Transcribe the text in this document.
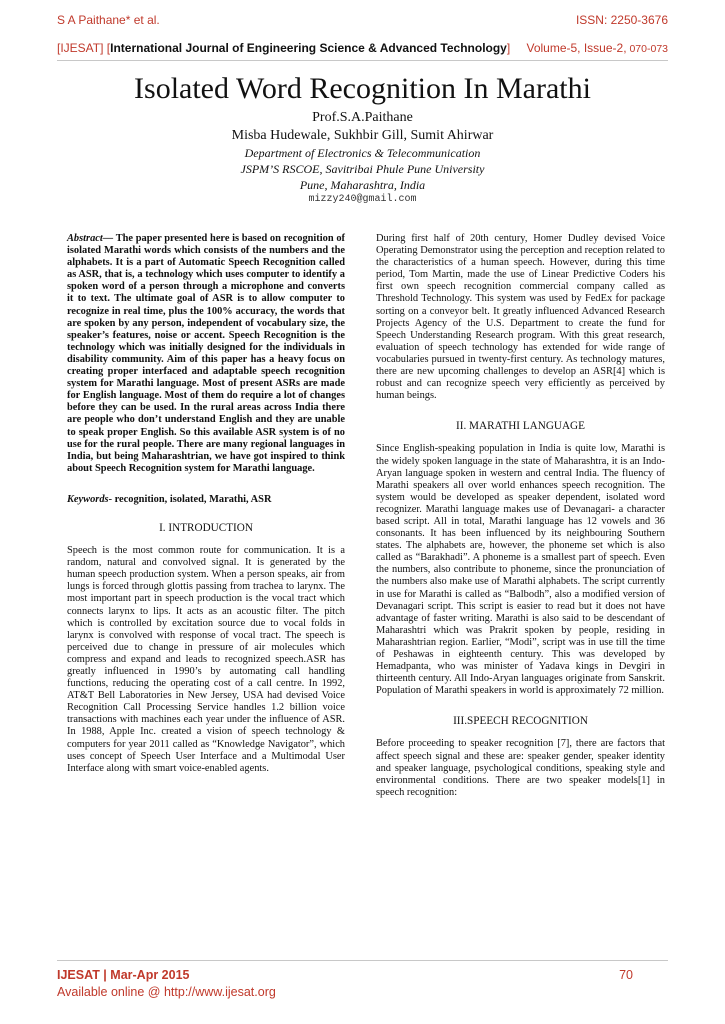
S A Paithane* et al.	ISSN: 2250-3676
[IJESAT] [International Journal of Engineering Science & Advanced Technology] Volume-5, Issue-2, 070-073
Isolated Word Recognition In Marathi
Prof.S.A.Paithane
Misba Hudewale, Sukhbir Gill, Sumit Ahirwar
Department of Electronics & Telecommunication
JSPM’S RSCOE, Savitribai Phule Pune University
Pune, Maharashtra, India
mizzy240@gmail.com

Abstract— The paper presented here is based on recognition of isolated Marathi words which consists of the numbers and the alphabets. It is a part of Automatic Speech Recognition called as ASR, that is, a technology which uses computer to identify a spoken word of a person through a microphone and converts it to text. The ultimate goal of ASR is to allow computer to recognize in real time, plus the 100% accuracy, the words that are spoken by any person, independent of vocabulary size, the speaker’s features, noise or accent. Speech Recognition is the technology which was initially designed for the individuals in disability community. Aim of this paper has a heavy focus on creating proper interfaced and adaptable speech recognition system for Marathi language. Most of present ASRs are made for English language. Most of them do require a lot of changes before they can be used. In the rural areas across India there are people who don’t understand English and they are unable to speak proper English. So this available ASR system is of no use for the rural people. There are many regional languages in India, but being Maharashtrian, we have got inspired to think about Speech Recognition system for Marathi language.

Keywords- recognition, isolated, Marathi, ASR

I. INTRODUCTION

Speech is the most common route for communication. It is a random, natural and convolved signal. It is generated by the human speech production system. When a person speaks, air from lungs is forced through glottis passing from trachea to larynx. The most important part in speech production is the vocal tract which connects larynx to lips. It acts as an acoustic filter. The pitch which is controlled by excitation source due to vocal folds in larynx is convolved with response of vocal tract. The speech is perceived due to change in pressure of air molecules which compress and expand and leads to recognized speech.ASR has greatly influenced in 1990’s by automating call handling functions, reducing the operating cost of a call centre. In 1992, AT&T Bell Laboratories in New Jersey, USA had devised Voice Recognition Call Processing Service handles 1.2 billion voice transactions with machines each year under the influence of ASR. In 1988, Apple Inc. created a vision of speech technology & computers for year 2011 called as “Knowledge Navigator”, which uses concept of Speech User Interface and a Multimodal User Interface along with smart voice-enabled agents.

During first half of 20th century, Homer Dudley devised Voice Operating Demonstrator using the perception and reception related to the characteristics of a human speech. However, during this time period, Tom Martin, made the use of Linear Predictive Coders his first own speech recognition commercial company called as Threshold Technology. This system was used by FedEx for package sorting on a conveyor belt. It greatly influenced Advanced Research Projects Agency of the U.S. Department to create the fund for Speech Understanding Research program. With this great research, evaluation of speech technology has extended for wide range of vocabularies pursued in twenty-first century. As technology matures, there are new upcoming challenges to develop an ASR[4] which is robust and can recognize speech very efficiently as perceived by human beings.

II. MARATHI LANGUAGE

Since English-speaking population in India is quite low, Marathi is the widely spoken language in the state of Maharashtra, it is an Indo-Aryan language spoken in western and central India. The fluency of Marathi speakers all over world enhances speech recognition. The system would be developed as speaker dependent, isolated word recognizer. Marathi language makes use of Devanagari- a character based script. All in total, Marathi language has 12 vowels and 36 consonants. It has been influenced by its neighbouring Southern states. The alphabets are, however, the phoneme set which is also called as “Barakhadi”. A phoneme is a smallest part of speech. Even the numbers, also contribute to phoneme, since the pronunciation of the numbers also make use of Marathi alphabets. The script currently in use for Marathi is called as “Balbodh”, also a modified version of Devanagari script. This script is easier to read but it does not have advantage of faster writing. Marathi is also said to be descendant of Maharashtri which was Prakrit spoken by people, residing in Maharashtrian region. Earlier, “Modi”, script was in use till the time of Peshawas in eighteenth century. This was developed by Hemadpanta, who was minister of Yadava kings in Devgiri in thirteenth century. All Indo-Aryan languages originate from Sanskrit. Population of Marathi speakers in world is approximately 72 million.

III.SPEECH RECOGNITION

Before proceeding to speaker recognition [7], there are factors that affect speech signal and these are: speaker gender, speaker identity and speaker language, psychological conditions, speaking style and environmental conditions. There are two speaker models[1] in speech recognition:

IJESAT | Mar-Apr 2015	70
Available online @ http://www.ijesat.org
